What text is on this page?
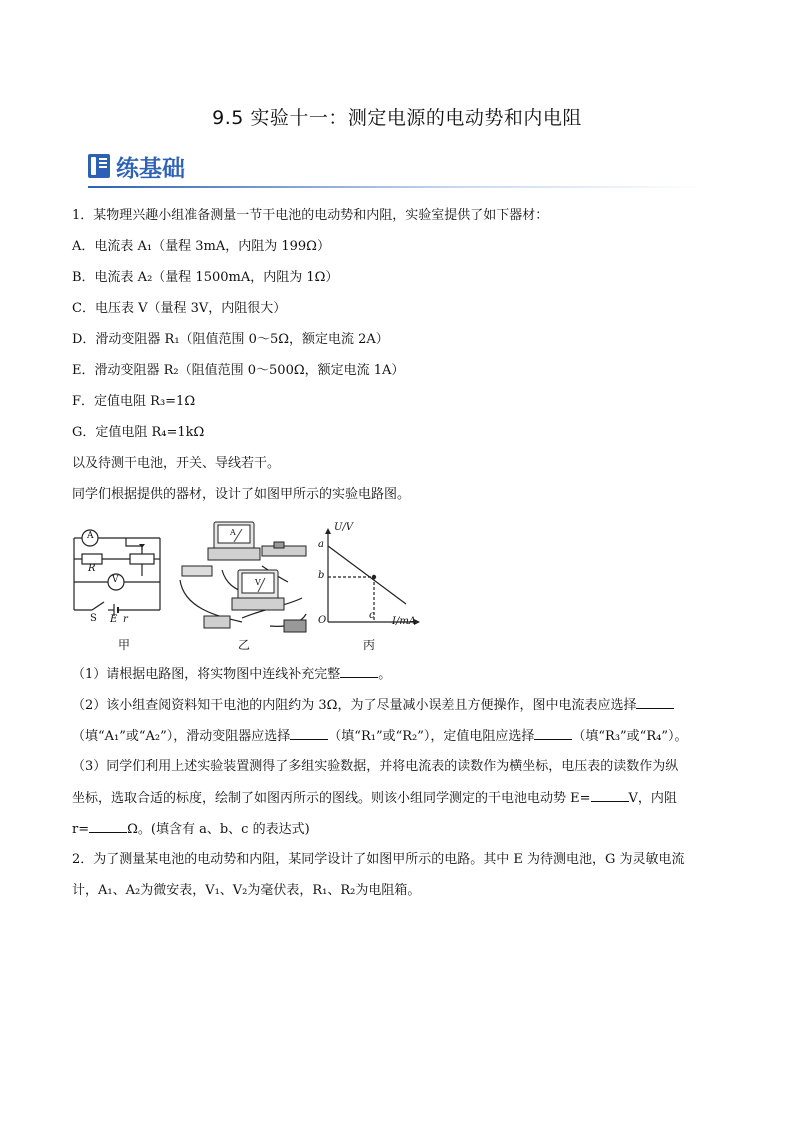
9.5 实验十一：测定电源的电动势和内电阻
练基础
1．某物理兴趣小组准备测量一节干电池的电动势和内阻，实验室提供了如下器材：
A．电流表 A₁（量程 3mA，内阻为 199Ω）
B．电流表 A₂（量程 1500mA，内阻为 1Ω）
C．电压表 V（量程 3V，内阻很大）
D．滑动变阻器 R₁（阻值范围 0～5Ω，额定电流 2A）
E．滑动变阻器 R₂（阻值范围 0～500Ω，额定电流 1A）
F．定值电阻 R₃=1Ω
G．定值电阻 R₄=1kΩ
以及待测干电池，开关、导线若干。
同学们根据提供的器材，设计了如图甲所示的实验电路图。
A
V
R
S E r
A
V
U/V
I/mA
O
a
b
c
甲	乙	丙
（1）请根据电路图，将实物图中连线补充完整	。
（2）该小组查阅资料知干电池的内阻约为 3Ω，为了尽量减小误差且方便操作，图中电流表应选择
（填“A₁”或“A₂”），滑动变阻器应选择	（填“R₁”或“R₂”），定值电阻应选择	（填“R₃”或“R₄”）。
（3）同学们利用上述实验装置测得了多组实验数据，并将电流表的读数作为横坐标，电压表的读数作为纵
坐标，选取合适的标度，绘制了如图丙所示的图线。则该小组同学测定的干电池电动势 E=	V，内阻
r=	Ω。(填含有 a、b、c 的表达式)
2．为了测量某电池的电动势和内阻，某同学设计了如图甲所示的电路。其中 E 为待测电池，G 为灵敏电流
计，A₁、A₂为微安表，V₁、V₂为毫伏表，R₁、R₂为电阻箱。
